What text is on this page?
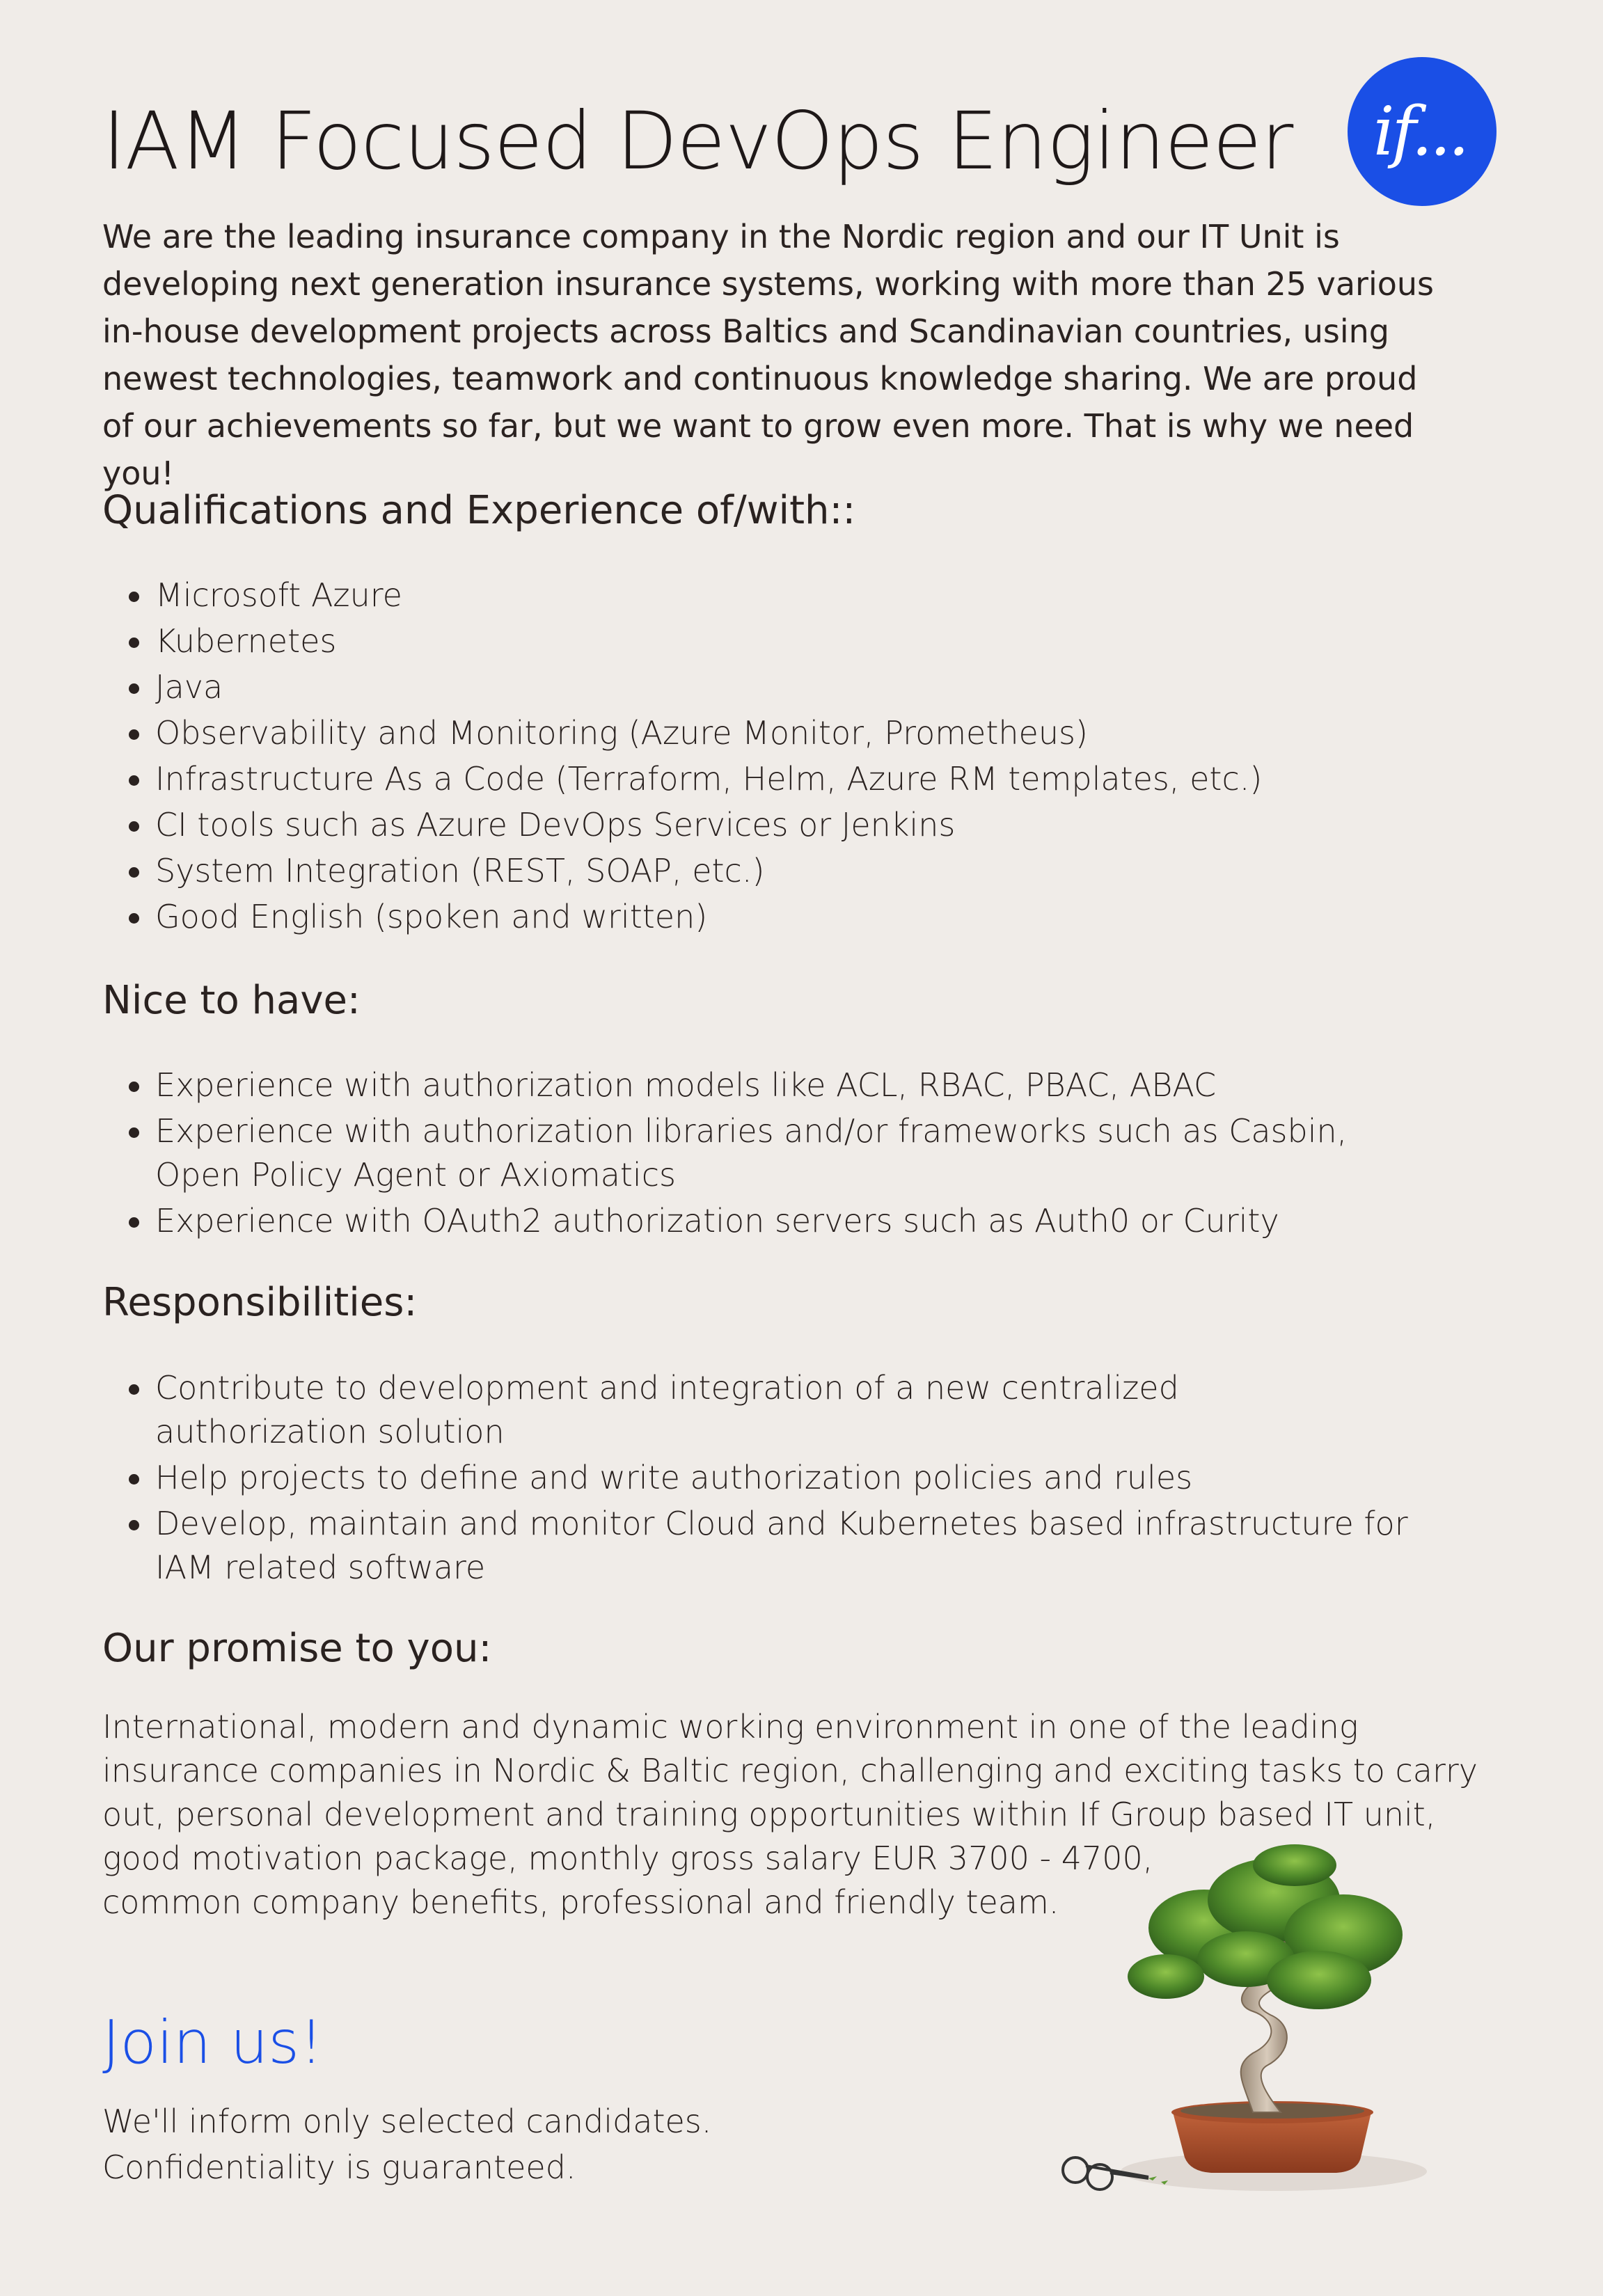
if...
IAM Focused DevOps Engineer

We are the leading insurance company in the Nordic region and our IT Unit is developing next generation insurance systems, working with more than 25 various in-house development projects across Baltics and Scandinavian countries, using newest technologies, teamwork and continuous knowledge sharing. We are proud of our achievements so far, but we want to grow even more. That is why we need you!

Qualifications and Experience of/with::
Microsoft Azure
Kubernetes
Java
Observability and Monitoring (Azure Monitor, Prometheus)
Infrastructure As a Code (Terraform, Helm, Azure RM templates, etc.)
CI tools such as Azure DevOps Services or Jenkins
System Integration (REST, SOAP, etc.)
Good English (spoken and written)
Nice to have:
Experience with authorization models like ACL, RBAC, PBAC, ABAC
Experience with authorization libraries and/or frameworks such as Casbin, Open Policy Agent or Axiomatics
Experience with OAuth2 authorization servers such as Auth0 or Curity
Responsibilities:
Contribute to development and integration of a new centralized authorization solution
Help projects to define and write authorization policies and rules
Develop, maintain and monitor Cloud and Kubernetes based infrastructure for IAM related software
Our promise to you:
International, modern and dynamic working environment in one of the leading
insurance companies in Nordic & Baltic region, challenging and exciting tasks to carry
out, personal development and training opportunities within If Group based IT unit,
good motivation package, monthly gross salary EUR 3700 - 4700,
common company benefits, professional and friendly team.
Join us!
We'll inform only selected candidates.
Confidentiality is guaranteed.
